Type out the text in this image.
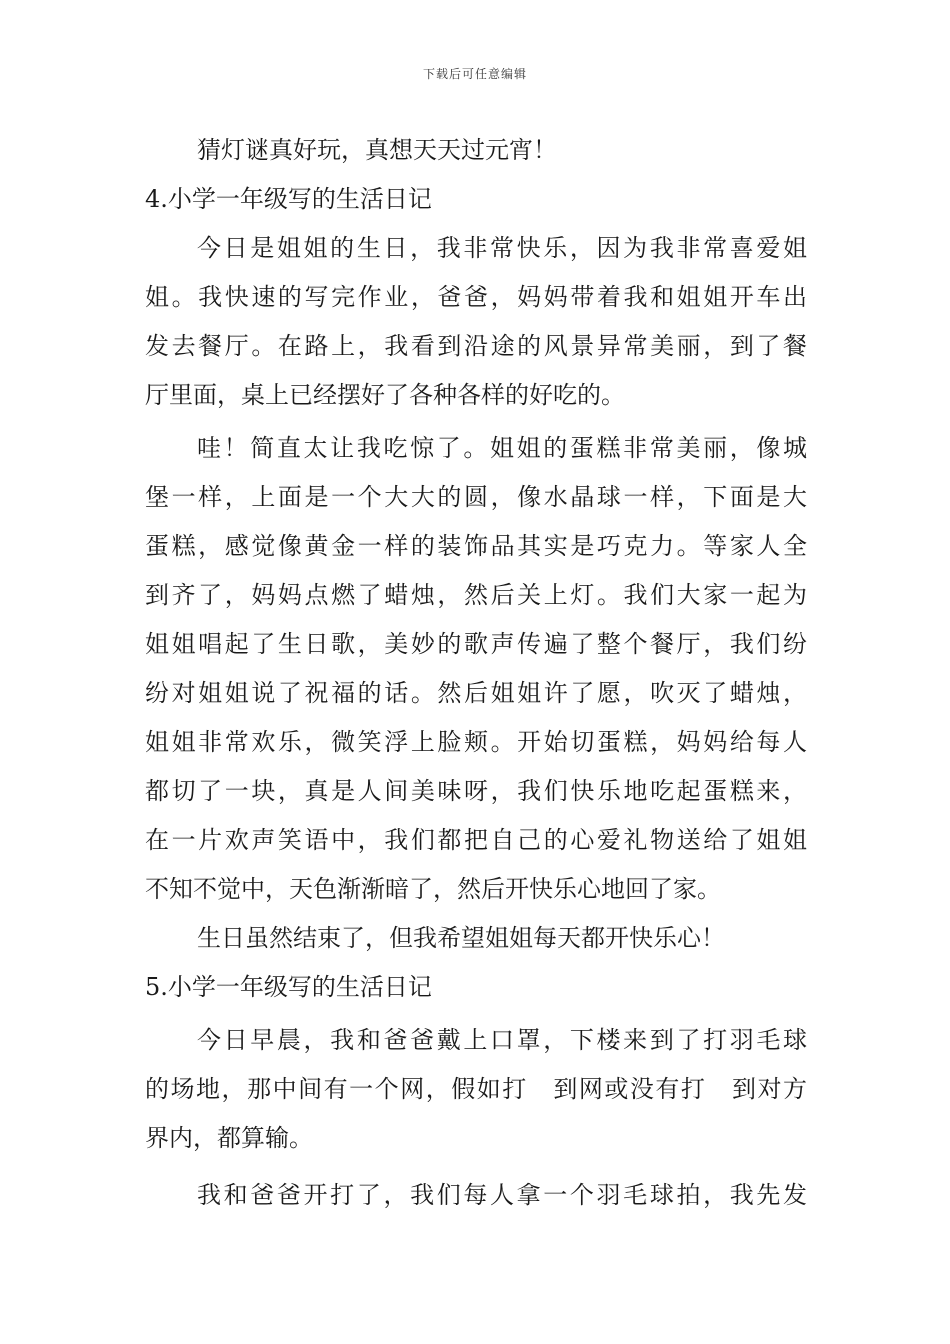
下载后可任意编辑
猜灯谜真好玩，真想天天过元宵！
4.小学一年级写的生活日记
今日是姐姐的生日，我非常快乐，因为我非常喜爱姐
姐。我快速的写完作业，爸爸，妈妈带着我和姐姐开车出
发去餐厅。在路上，我看到沿途的风景异常美丽，到了餐
厅里面，桌上已经摆好了各种各样的好吃的。
哇！简直太让我吃惊了。姐姐的蛋糕非常美丽，像城
堡一样，上面是一个大大的圆，像水晶球一样，下面是大
蛋糕，感觉像黄金一样的装饰品其实是巧克力。等家人全
到齐了，妈妈点燃了蜡烛，然后关上灯。我们大家一起为
姐姐唱起了生日歌，美妙的歌声传遍了整个餐厅，我们纷
纷对姐姐说了祝福的话。然后姐姐许了愿，吹灭了蜡烛，
姐姐非常欢乐，微笑浮上脸颊。开始切蛋糕，妈妈给每人
都切了一块，真是人间美味呀，我们快乐地吃起蛋糕来，
在一片欢声笑语中，我们都把自己的心爱礼物送给了姐姐
不知不觉中，天色渐渐暗了，然后开快乐心地回了家。
生日虽然结束了，但我希望姐姐每天都开快乐心！
5.小学一年级写的生活日记
今日早晨，我和爸爸戴上口罩，下楼来到了打羽毛球
的场地，那中间有一个网，假如打　到网或没有打　到对方
界内，都算输。
我和爸爸开打了，我们每人拿一个羽毛球拍，我先发
